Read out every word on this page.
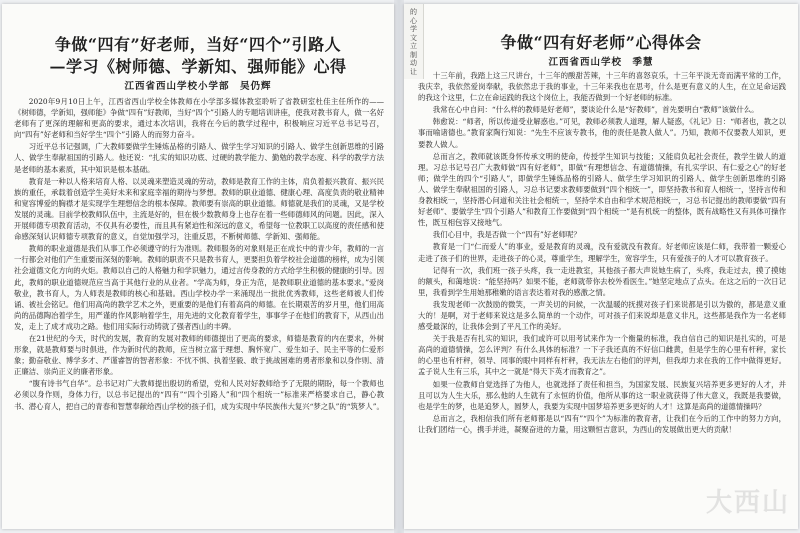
争做“四有”好老师，当好“四个”引路人
—学习《树师德、学新知、强师能》心得
江西省西山学校小学部　吴仍辉

2020年9月10日上午，江西省西山学校全体教师在小学部多媒体教室聆听了省教研室杜佳主任所作的——《树师德，学新知，强师能》争做“四有”好教师，当好“四个”引路人的专题培训讲座，使我对教书育人，做一名好老师有了更深的理解和更高的要求，通过本次培训，我将在今后的教学过程中，积极响应习近平总书记号召，向“四有”好老师和当好学生“四个”引路人的而努力奋斗。

习近平总书记强调，广大教师要做学生锤炼品格的引路人、做学生学习知识的引路人、做学生创新思维的引路人、做学生奉献祖国的引路人。他还说：“扎实的知识功底、过硬的教学能力、勤勉的教学态度、科学的教学方法是老师的基本素质，其中知识是根本基础。

教育是一种以人格来培育人格、以灵魂来塑造灵魂的劳动，教师是教育工作的主体，肩负着振兴教育、振兴民族的重任，承载着创造学生美好未来和家庭幸福的期待与梦想。教师的职业道德、健康心理、高度负责的敬业精神和宽容博爱的胸襟才是实现学生理想信念的根本保障。教师要有崇高的职业道德。师德就是我们的灵魂，又是学校发展的灵魂。目前学校教师队伍中，主流是好的，但在极少数教师身上也存在着一些师德师风的问题。因此，深入开展师德专项教育活动，不仅具有必要性，而且具有紧迫性和深远的意义，希望每一位教职工以高度的责任感和使命感深刻认识师德专项教育的意义，自觉加强学习，注重反思，不断树师德、学新知、强师能。

教师的职业道德是我们从事工作必须遵守的行为准则。教师服务的对象则是正在成长中的青少年，教师的一言一行都会对他们产生重要而深刻的影响。教师的职责不只是教书育人，更要担负着学校社会道德的榜样，成为引领社会道德文化方向的火炬。教师以自己的人格魅力和学识魅力，通过言传身教的方式给学生积极的健康的引导。因此，教师的职业道德规范应当高于其他行业的从业者。“学高为师，身正为范，是教师职业道德的基本要求。”爱岗敬业，教书育人，为人师表是教师的核心和基础。西山学校办学一来涌现出一批批优秀教师，这些老师被人们传诵、被社会铭记。他们用高尚的教学艺术之外，更重要的是他们有着高尚的师德。在长期艰苦的岁月里，他们用高尚的品德陶冶着学生，用严谨的作风影响着学生，用先进的文化教育着学生，事事学子在他们的教育下，从西山出发，走上了成才成功之路。他们用实际行动铸就了强者西山的丰碑。

在21世纪的今天，时代的发展，教育的发展对教师的师德提出了更高的要求，师德是教育的内在要求，外树形象，就是教师要与时俱进，作为新时代的教师，应当树立富于理想、胸怀宽广、爱生如子、民主平等的仁爱形象；勤奋敬业、博学多才、严谨睿智的智者形象：不忧不惧、执着坚毅、敢于挑战困难的勇者形象和以身作则、清正廉洁、崇尚正义的廉者形象。

“腹有诗书气自华”。总书记对广大教师提出殷切的希望，党和人民对好教师给予了无限的期盼，每一个教师也必须以身作则，身体力行，以总书记提出的“四有”“四个引路人”和“四个相统一”标准来严格要求自己，静心教书、潜心育人，把自己的青春和智慧奉献给西山学校的孩子们，成为实现中华民族伟大复兴“梦之队”的“筑梦人”。

的
心
学
文
立
制
动
让
争做“四有好老师”心得体会
江西省西山学校　季慧

十三年前，我踏上这三尺讲台，十三年的酸甜苦辣，十三年的喜怒哀乐，十三年平淡无奇而满平常的工作，我庆幸，我依然爱岗奉献，我依然忠于我的事业，十三年来我也在思考，什么是更有意义的人生，在立足命运践的我这个这里，仁立在命运践的我这个岗位上，我能否做到一个好老师的标准。

我常在心中自问：“什么样的教师是好老师”，要谈论什么是“好教师”，首先要明白“教师”该做什么。

韩愈说：“师者，所以传道受业解惑也。”可见，教师必须教人道理，解人疑惑，《礼记》日：“师者也，教之以事而喻诸德也。”教育家陶行知说：“先生不应该专教书，他的责任是教人做人”。乃知，教师不仅要教人知识，更要教人做人。

总而言之，教师就该既身怀传承文明的使命，传授学生知识与技能；又能肩负起社会责任，教学生做人的道理。习总书记号召广大教师做“四有好老师”，即做“有理想信念、有道德情操，有扎实学识、有仁爱之心”的好老师；做学生的四个“引路人”，即做学生锤炼品格的引路人、做学生学习知识的引路人、做学生创新思维的引路人、做学生奉献祖国的引路人，习总书记要求教师要做到“四个相统一”，即坚持教书和育人相统一，坚持言传和身教相统一，坚持潜心问道和关注社会相统一，坚持学术自由和学术规范相统一，习总书记提出的教师要做“四有好老师”、要做学生“四个引路人”和教育工作要做到“四个相统一”是有机统一的整体，既有战略性又有具体可操作性，既互相包容又接地气。

我们心目中，我是否做一个“四有”好老师呢？

教育是一门“仁而爱人”的事业，爱是教育的灵魂，没有爱就没有教育。好老师应该是仁师，我带着一颗爱心走进了孩子们的世界，走进孩子的心灵，尊重学生，理解学生，宽容学生，只有爱孩子的人才可以教育孩子。

记得有一次，我们班一孩子头疼，我一走进教室，其他孩子都大声说她生病了，头疼，我走过去，摸了摸她的额头，和蔼地说：“能坚持吗？如果不能，老师就带你去校外看医生。”她坚定地点了点头。在这之后的一次日记里，我看到学生用她那稚嫩的语言表达着对我的感激之情。

我发现老师一次鼓励的微笑，一声关切的问候，一次温暖的抚摸对孩子们来说都是引以为傲的，都是意义重大的！是啊，对于老师来说这是多么简单的一个动作，可对孩子们来说却是意义非凡，这些都是我作为一名老师感受最深的，让我体会到了平凡工作的美好。

关于我是否有扎实的知识，我们或许可以用考试来作为一个衡量的标准，我自信自己的知识是扎实的，可是高尚的道德情操，怎么评判？有什么具体的标准？一下子我还真的不好信口雌黄，但是学生的心里有杆秤，家长的心里也有杆秤，领导、同事的眼中同样有杆秤，我无法左右他们的评判，但我却力求在我的工作中做得更好。孟子说人生有三乐，其中之一就是“得天下英才而教育之”。

如果一位教师自觉选择了为他人，也就选择了责任和担当，为国家发展、民族复兴培养更多更好的人才，并且可以为人生大乐，那么他的人生就有了永恒的价值，他所从事的这一职业就获得了伟大意义，我既是我要做，也是学生的梦，也是追梦人，圆梦人，我要为实现中国梦培养更多更好的人才！这算是高尚的道德情操吗？

总而言之，我相信我们所有老师都是以“四有”“四个”为标准的教育者，让我们在今后的工作中的努力方向，让我们团结一心，携手并进，凝聚奋进的力量，用这颗恒吉意识，为西山的发展做出更大的贡献！

大西山
